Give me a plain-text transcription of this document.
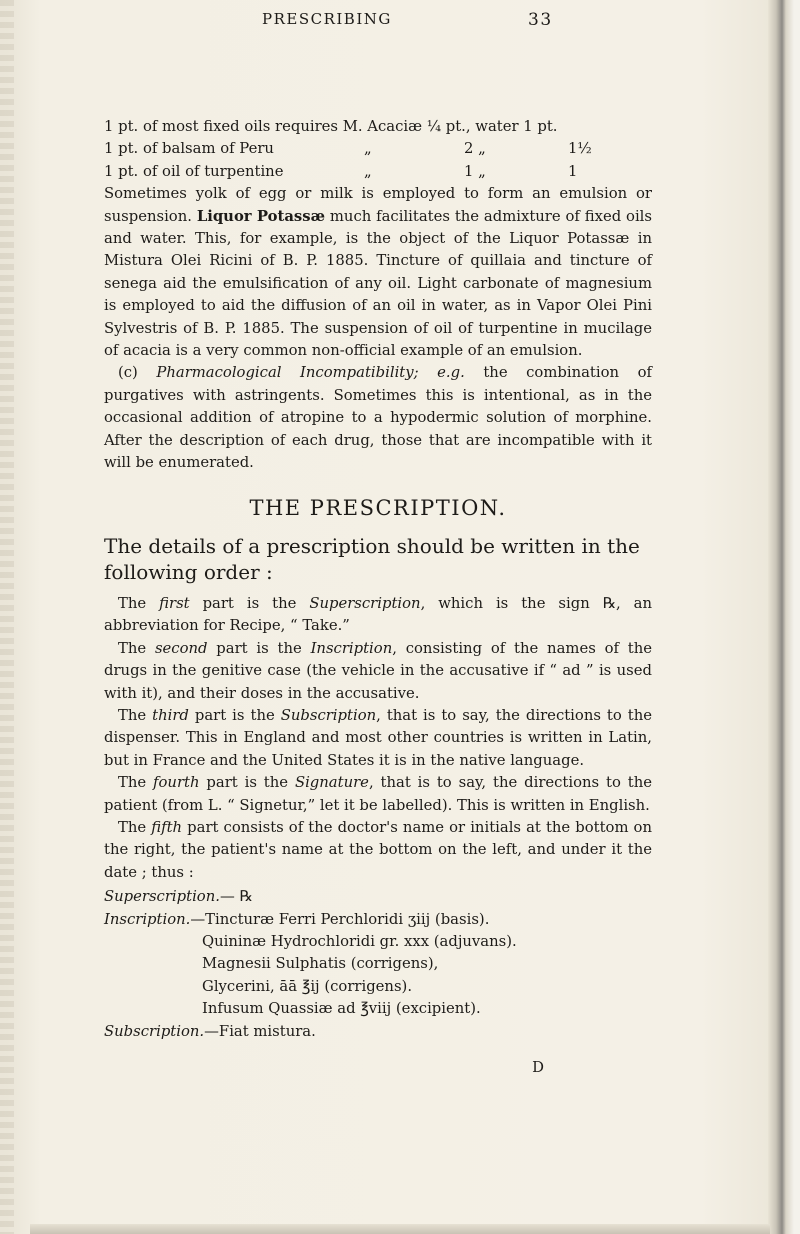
PRESCRIBING	33
1 pt. of most fixed oils requires M. Acaciæ ¼ pt., water 1 pt.
1 pt. of balsam of Peru	„	2 „	1½
1 pt. of oil of turpentine	„	1 „	1

Sometimes yolk of egg or milk is employed to form an emulsion or suspension. Liquor Potassæ much facilitates the admixture of fixed oils and water. This, for example, is the object of the Liquor Potassæ in Mistura Olei Ricini of B. P. 1885. Tincture of quillaia and tincture of senega aid the emulsification of any oil. Light carbonate of magnesium is employed to aid the diffusion of an oil in water, as in Vapor Olei Pini Sylvestris of B. P. 1885. The suspension of oil of turpentine in mucilage of acacia is a very common non-official example of an emulsion.

(c) Pharmacological Incompatibility; e.g. the combination of purgatives with astringents. Sometimes this is intentional, as in the occasional addition of atropine to a hypodermic solution of morphine. After the description of each drug, those that are incompatible with it will be enumerated.

THE PRESCRIPTION.

The details of a prescription should be written in the following order :

The first part is the Superscription, which is the sign ℞, an abbreviation for Recipe, “ Take.”

The second part is the Inscription, consisting of the names of the drugs in the genitive case (the vehicle in the accusative if “ ad ” is used with it), and their doses in the accusative.

The third part is the Subscription, that is to say, the directions to the dispenser. This in England and most other countries is written in Latin, but in France and the United States it is in the native language.

The fourth part is the Signature, that is to say, the directions to the patient (from L. “ Signetur,” let it be labelled). This is written in English.

The fifth part consists of the doctor's name or initials at the bottom on the right, the patient's name at the bottom on the left, and under it the date ; thus :

Superscription.— ℞
Inscription.—Tincturæ Ferri Perchloridi ʒiij (basis).
Quininæ Hydrochloridi gr. xxx (adjuvans).
Magnesii Sulphatis (corrigens),
Glycerini, āā ℥ij (corrigens).
Infusum Quassiæ ad ℥viij (excipient).
Subscription.—Fiat mistura.

D
